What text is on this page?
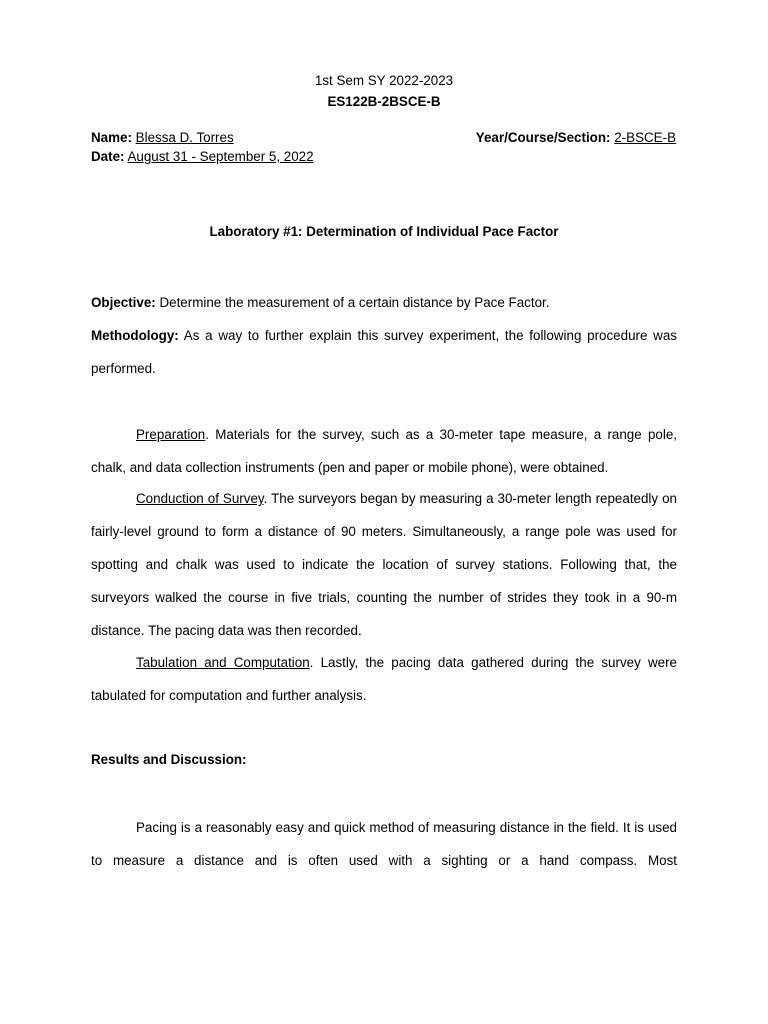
1st Sem SY 2022-2023
ES122B-2BSCE-B
Name: Blessa D. Torres	Year/Course/Section: 2-BSCE-B
Date: August 31 - September 5, 2022
Laboratory #1: Determination of Individual Pace Factor

Objective: Determine the measurement of a certain distance by Pace Factor.

Methodology: As a way to further explain this survey experiment, the following procedure was performed.

Preparation. Materials for the survey, such as a 30-meter tape measure, a range pole, chalk, and data collection instruments (pen and paper or mobile phone), were obtained.

Conduction of Survey. The surveyors began by measuring a 30-meter length repeatedly on fairly-level ground to form a distance of 90 meters. Simultaneously, a range pole was used for spotting and chalk was used to indicate the location of survey stations. Following that, the surveyors walked the course in five trials, counting the number of strides they took in a 90-m distance. The pacing data was then recorded.

Tabulation and Computation. Lastly, the pacing data gathered during the survey were tabulated for computation and further analysis.

Results and Discussion:

Pacing is a reasonably easy and quick method of measuring distance in the field. It is used to measure a distance and is often used with a sighting or a hand compass. Most
